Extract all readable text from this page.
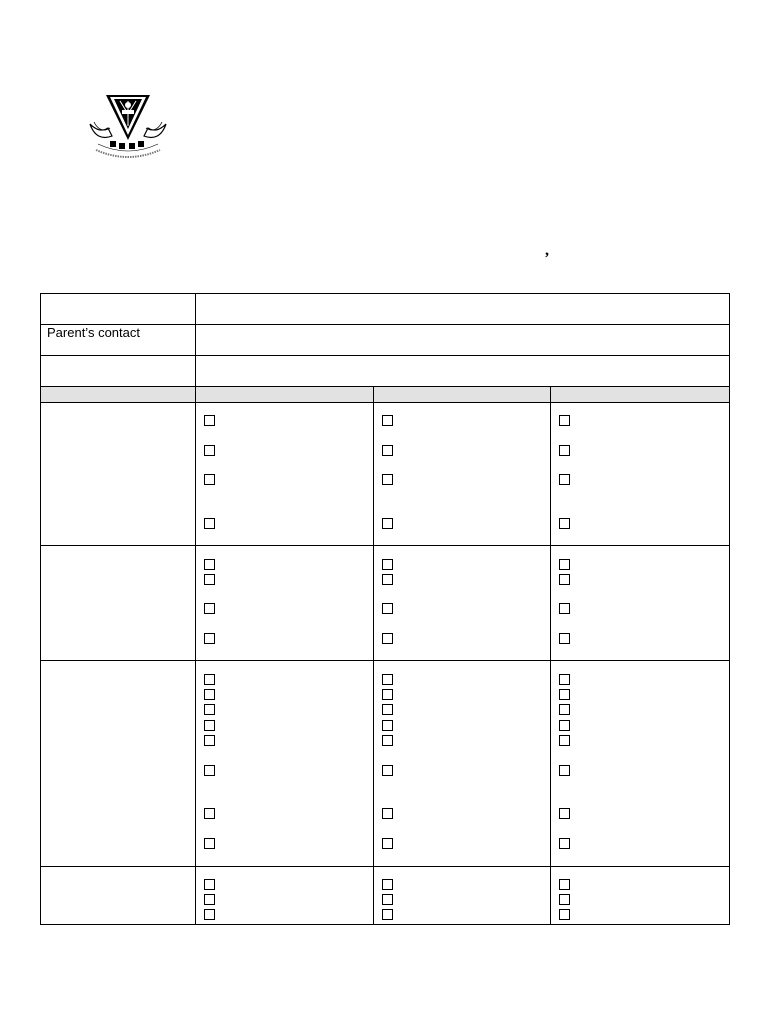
,

Parent’s contact			
